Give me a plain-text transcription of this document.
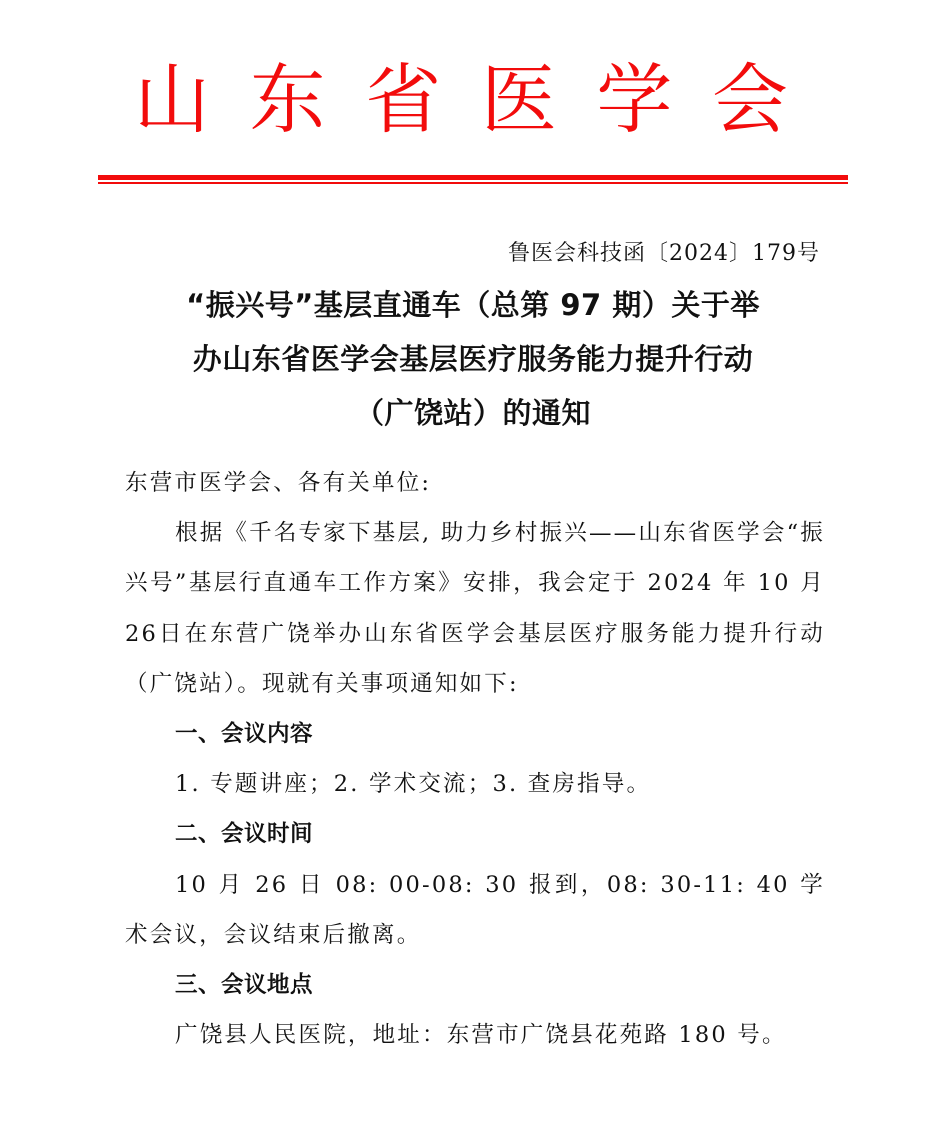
山 东 省 医 学 会
鲁医会科技函〔2024〕179号
“振兴号”基层直通车（总第 97 期）关于举
办山东省医学会基层医疗服务能力提升行动
（广饶站）的通知

东营市医学会、各有关单位:

根据《千名专家下基层, 助力乡村振兴——山东省医学会“振兴号”基层行直通车工作方案》安排，我会定于 2024 年 10 月26日在东营广饶举办山东省医学会基层医疗服务能力提升行动（广饶站）。现就有关事项通知如下:

一、会议内容

1. 专题讲座；2. 学术交流；3. 查房指导。

二、会议时间

10 月 26 日 08: 00-08: 30 报到，08: 30-11: 40 学术会议，会议结束后撤离。

三、会议地点

广饶县人民医院，地址：东营市广饶县花苑路 180 号。
